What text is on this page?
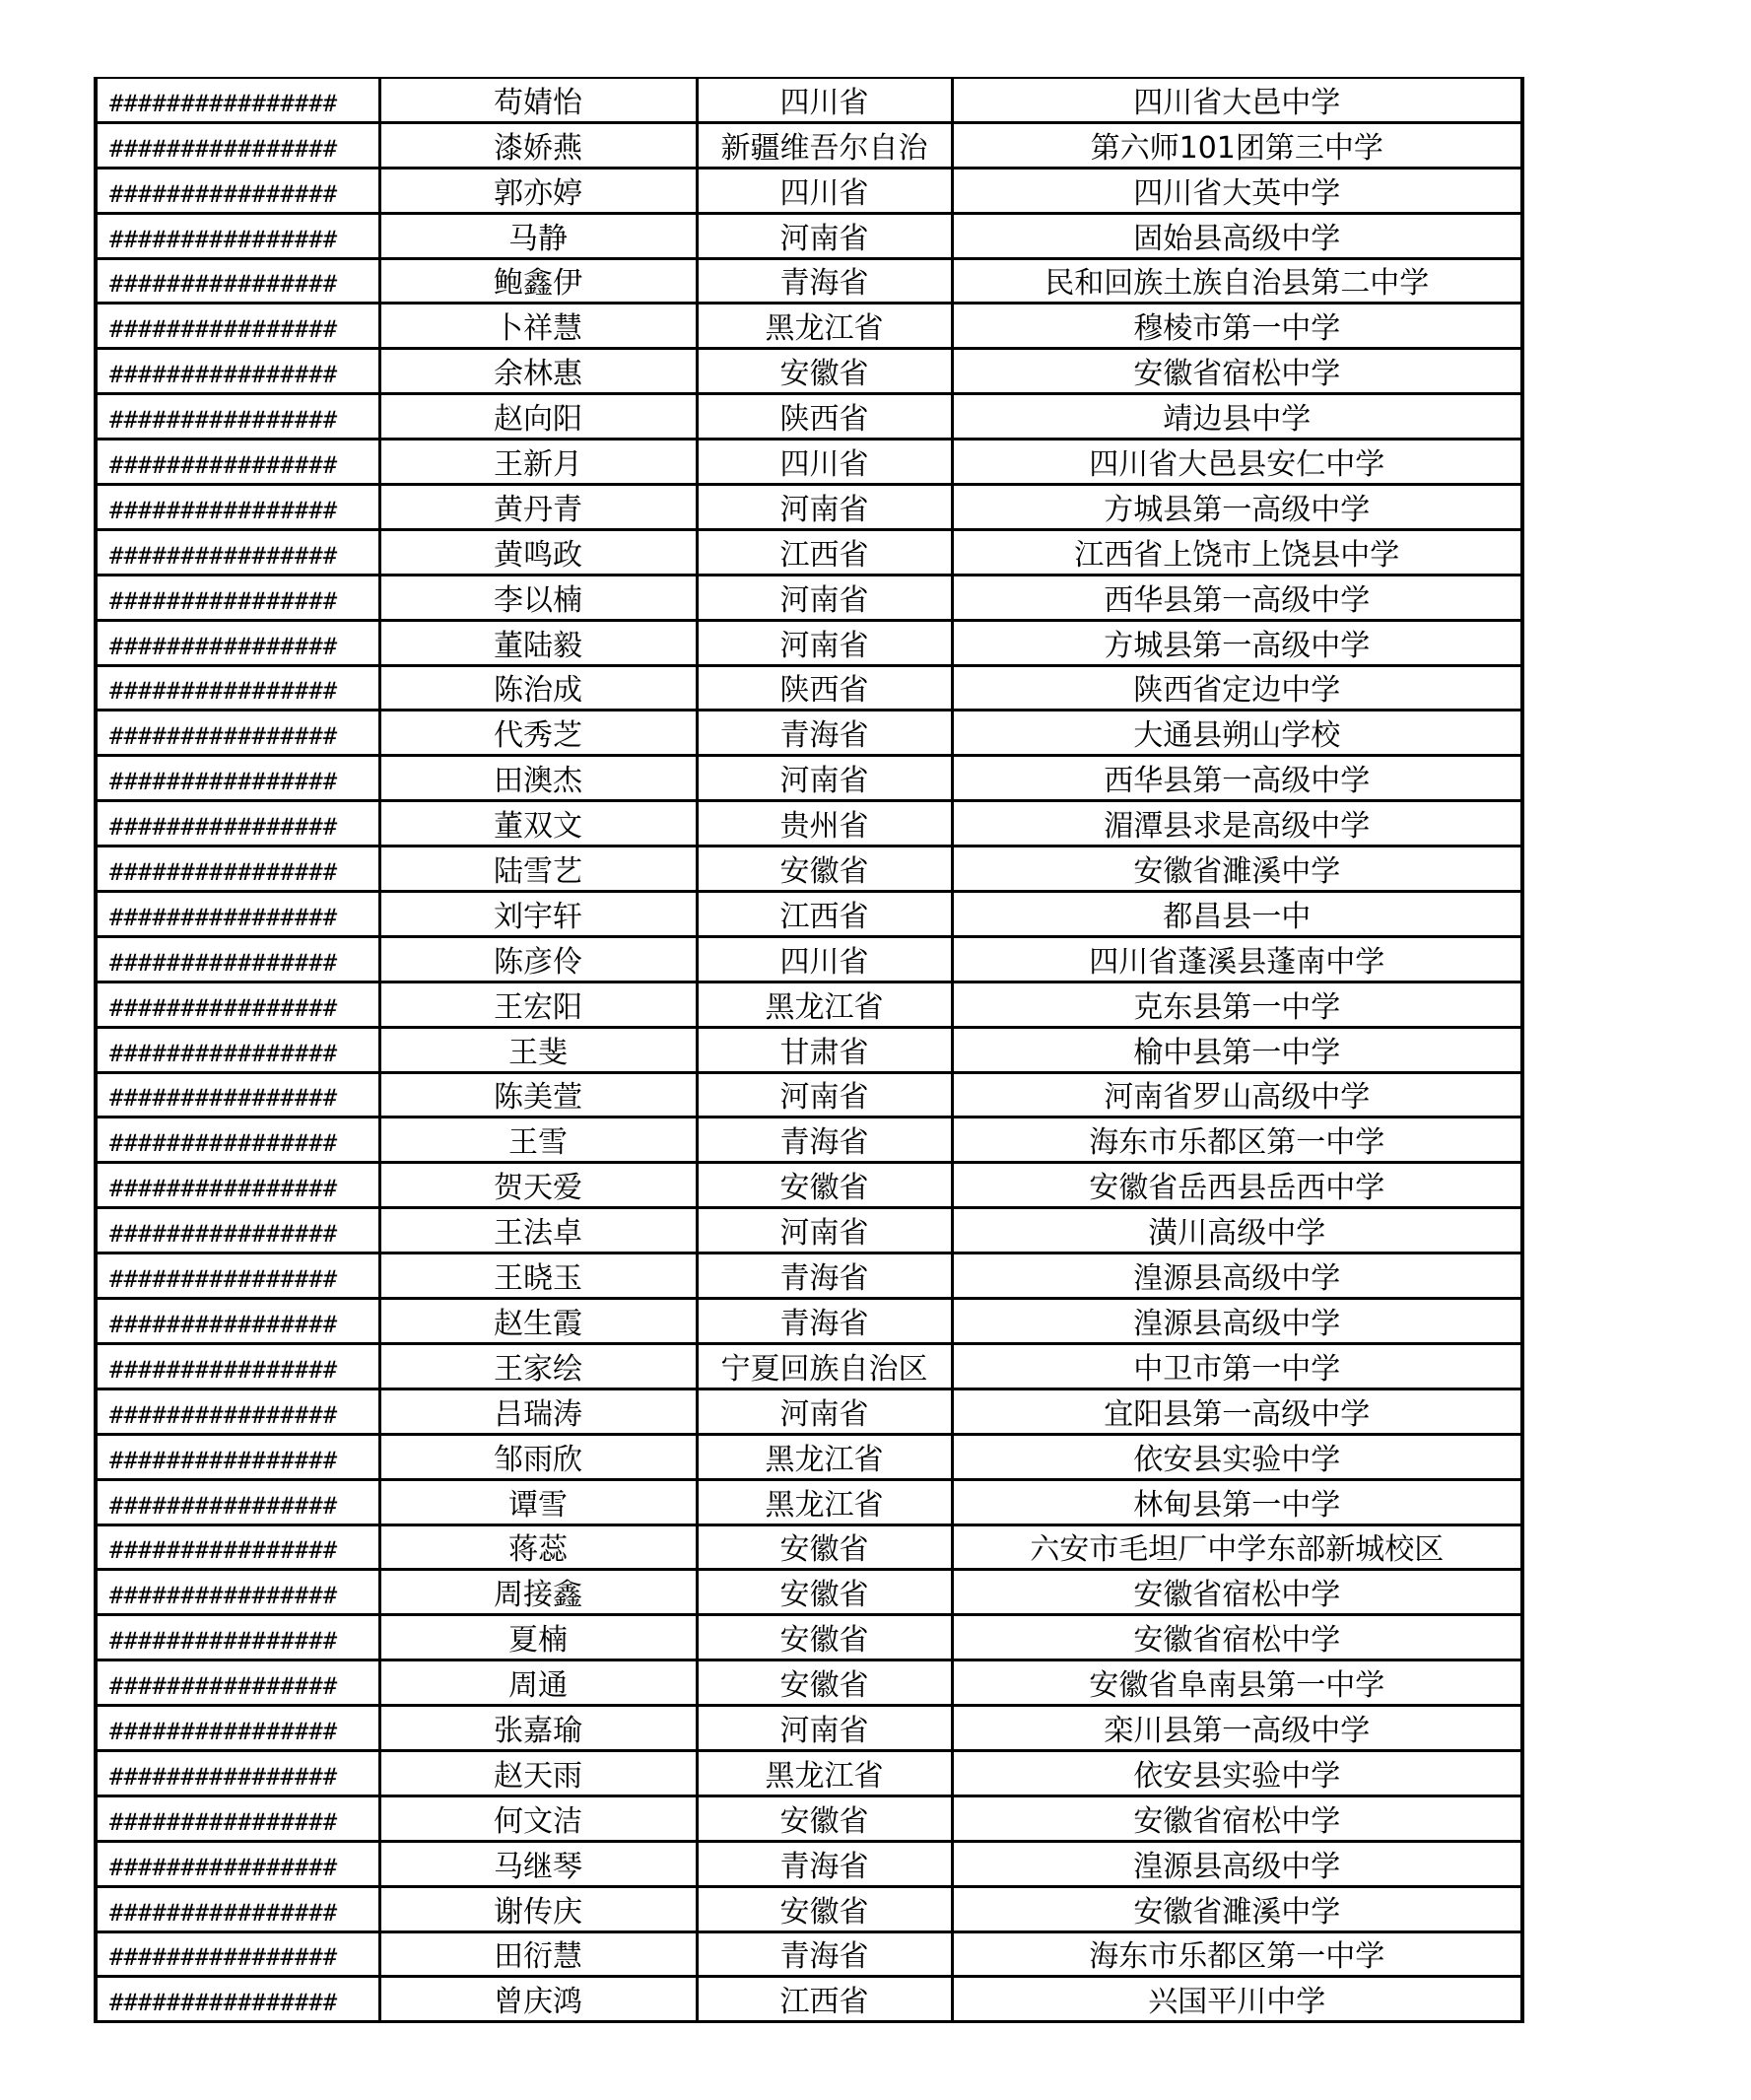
################	苟婧怡	四川省	四川省大邑中学
################	漆娇燕	新疆维吾尔自治	第六师101团第三中学
################	郭亦婷	四川省	四川省大英中学
################	马静	河南省	固始县高级中学
################	鲍鑫伊	青海省	民和回族土族自治县第二中学
################	卜祥慧	黑龙江省	穆棱市第一中学
################	余林惠	安徽省	安徽省宿松中学
################	赵向阳	陕西省	靖边县中学
################	王新月	四川省	四川省大邑县安仁中学
################	黄丹青	河南省	方城县第一高级中学
################	黄鸣政	江西省	江西省上饶市上饶县中学
################	李以楠	河南省	西华县第一高级中学
################	董陆毅	河南省	方城县第一高级中学
################	陈治成	陕西省	陕西省定边中学
################	代秀芝	青海省	大通县朔山学校
################	田澳杰	河南省	西华县第一高级中学
################	董双文	贵州省	湄潭县求是高级中学
################	陆雪艺	安徽省	安徽省濉溪中学
################	刘宇轩	江西省	都昌县一中
################	陈彦伶	四川省	四川省蓬溪县蓬南中学
################	王宏阳	黑龙江省	克东县第一中学
################	王斐	甘肃省	榆中县第一中学
################	陈美萱	河南省	河南省罗山高级中学
################	王雪	青海省	海东市乐都区第一中学
################	贺天爱	安徽省	安徽省岳西县岳西中学
################	王法卓	河南省	潢川高级中学
################	王晓玉	青海省	湟源县高级中学
################	赵生霞	青海省	湟源县高级中学
################	王家绘	宁夏回族自治区	中卫市第一中学
################	吕瑞涛	河南省	宜阳县第一高级中学
################	邹雨欣	黑龙江省	依安县实验中学
################	谭雪	黑龙江省	林甸县第一中学
################	蒋蕊	安徽省	六安市毛坦厂中学东部新城校区
################	周接鑫	安徽省	安徽省宿松中学
################	夏楠	安徽省	安徽省宿松中学
################	周通	安徽省	安徽省阜南县第一中学
################	张嘉瑜	河南省	栾川县第一高级中学
################	赵天雨	黑龙江省	依安县实验中学
################	何文洁	安徽省	安徽省宿松中学
################	马继琴	青海省	湟源县高级中学
################	谢传庆	安徽省	安徽省濉溪中学
################	田衍慧	青海省	海东市乐都区第一中学
################	曾庆鸿	江西省	兴国平川中学
